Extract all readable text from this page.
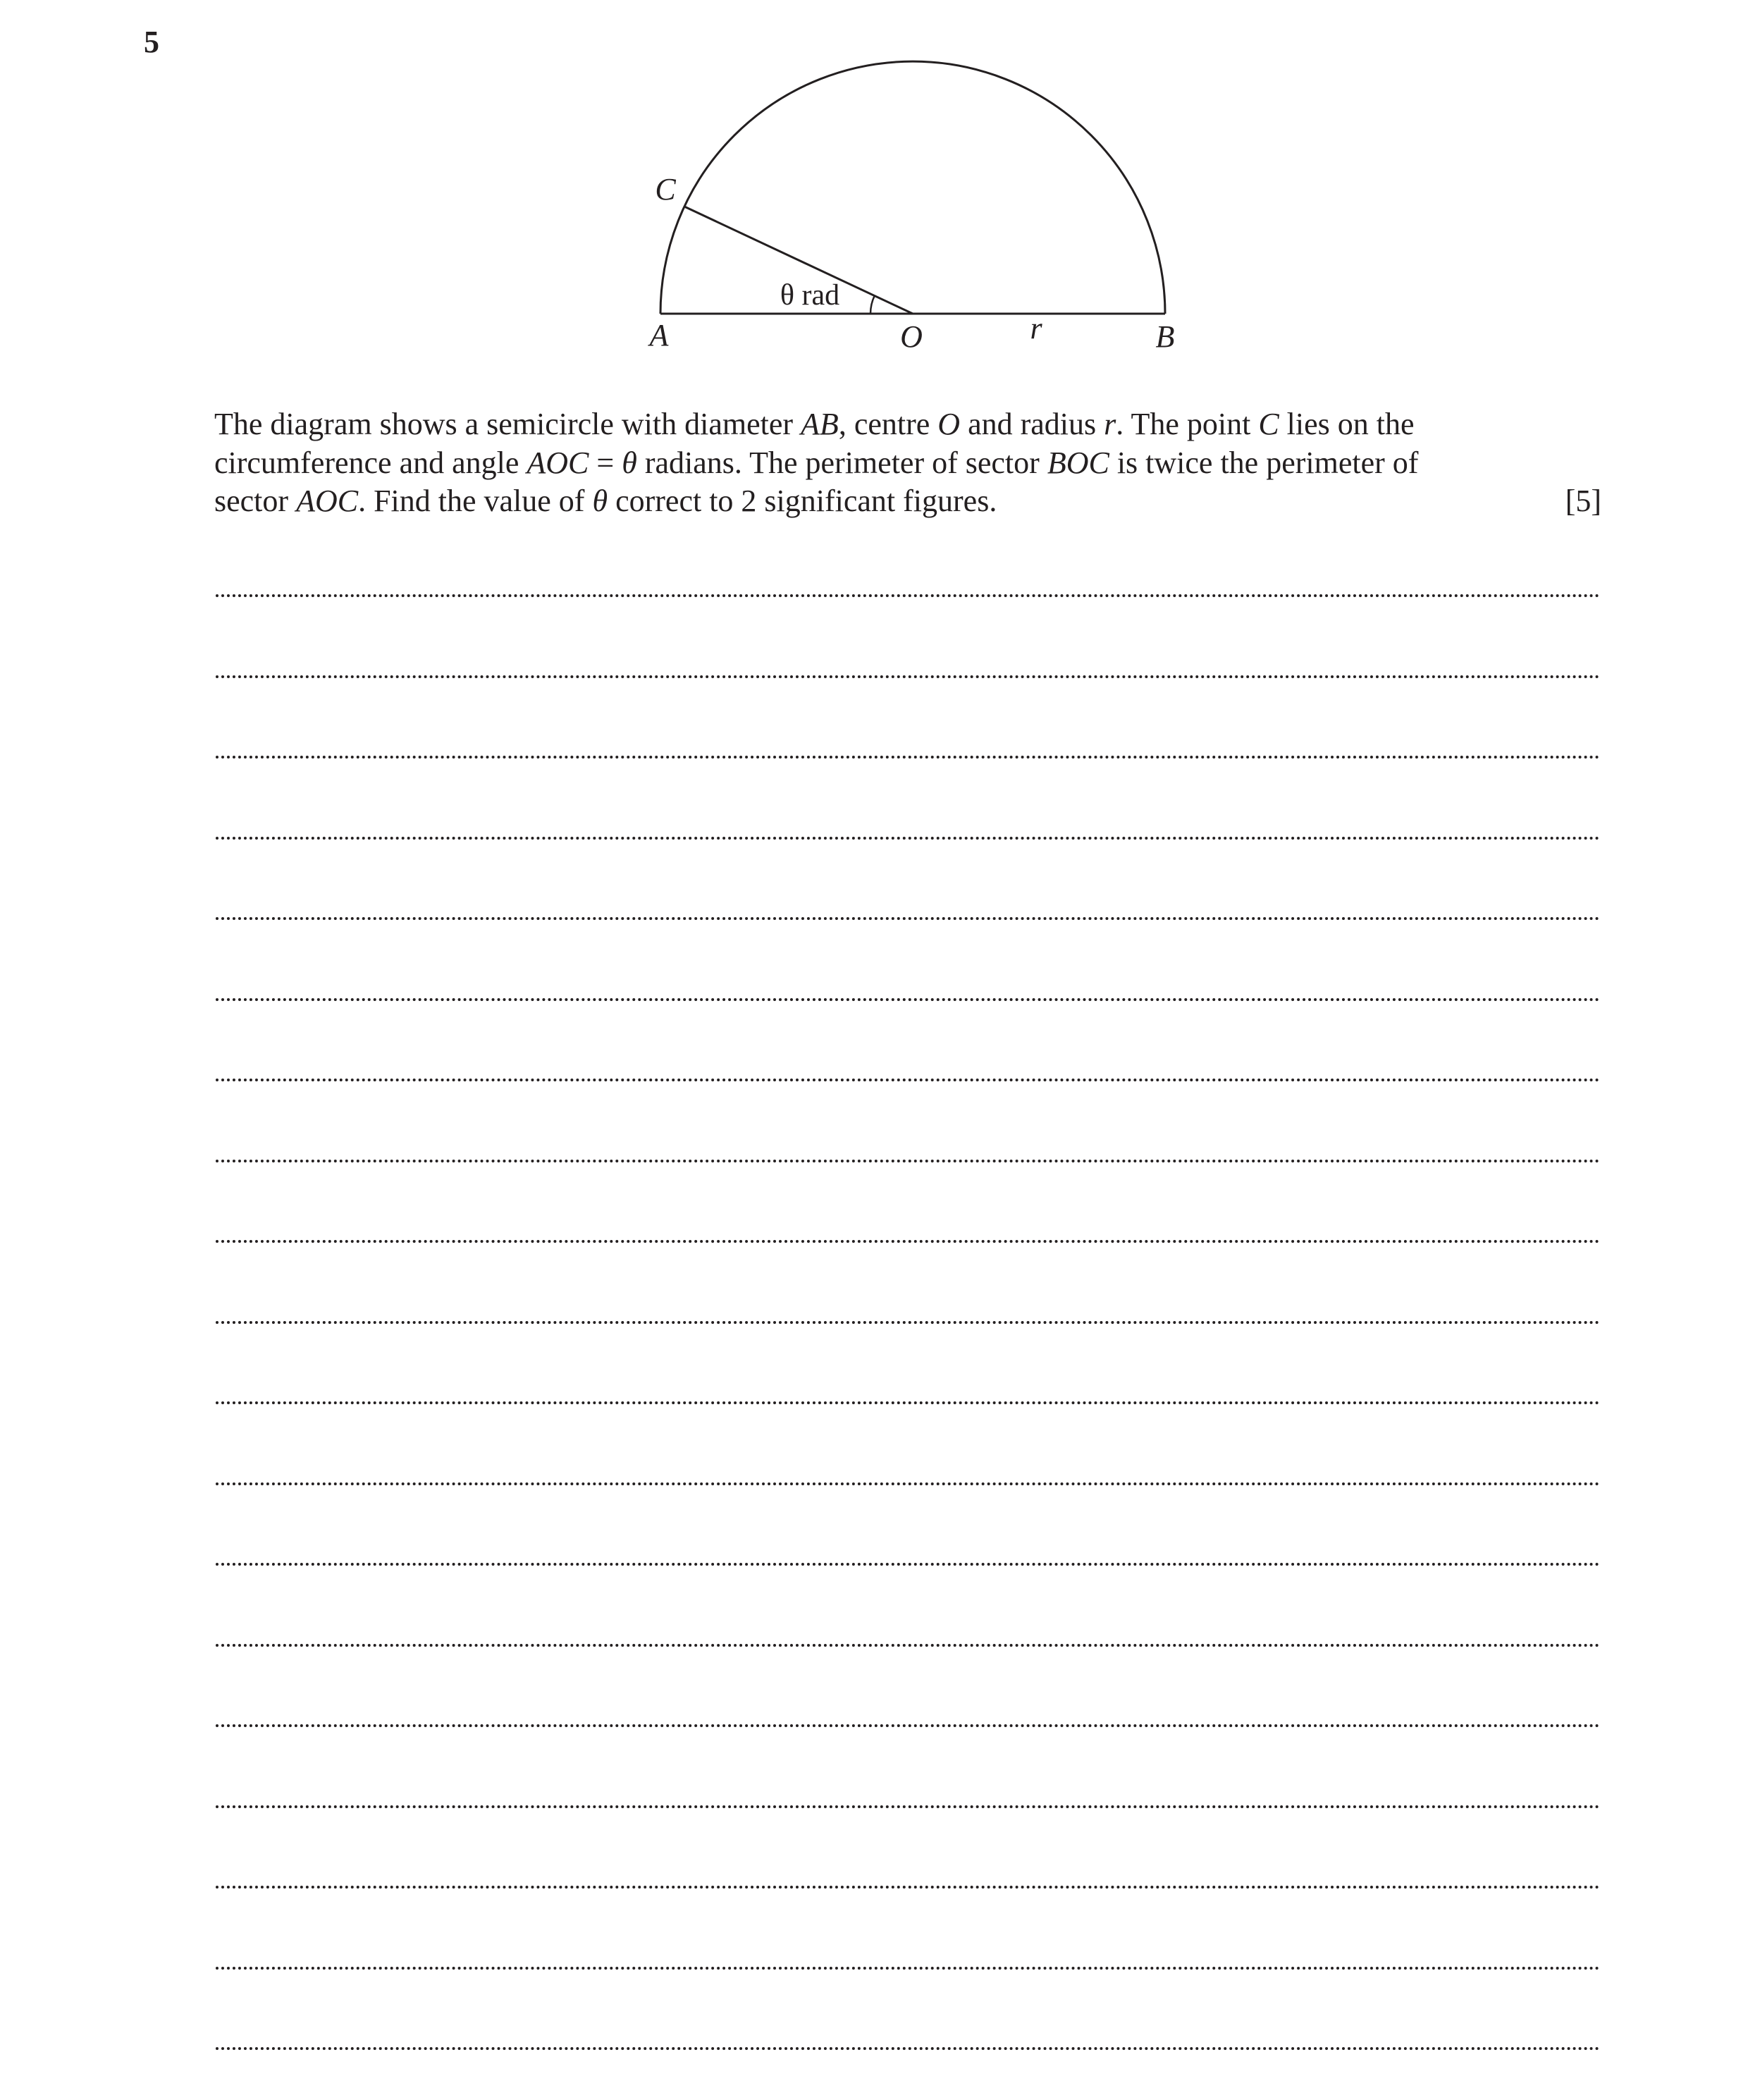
5
C
θ rad
A	O	r	B

The diagram shows a semicircle with diameter AB, centre O and radius r. The point C lies on the

circumference and angle AOC = θ radians. The perimeter of sector BOC is twice the perimeter of

sector AOC. Find the value of θ correct to 2 significant figures.	[5]
